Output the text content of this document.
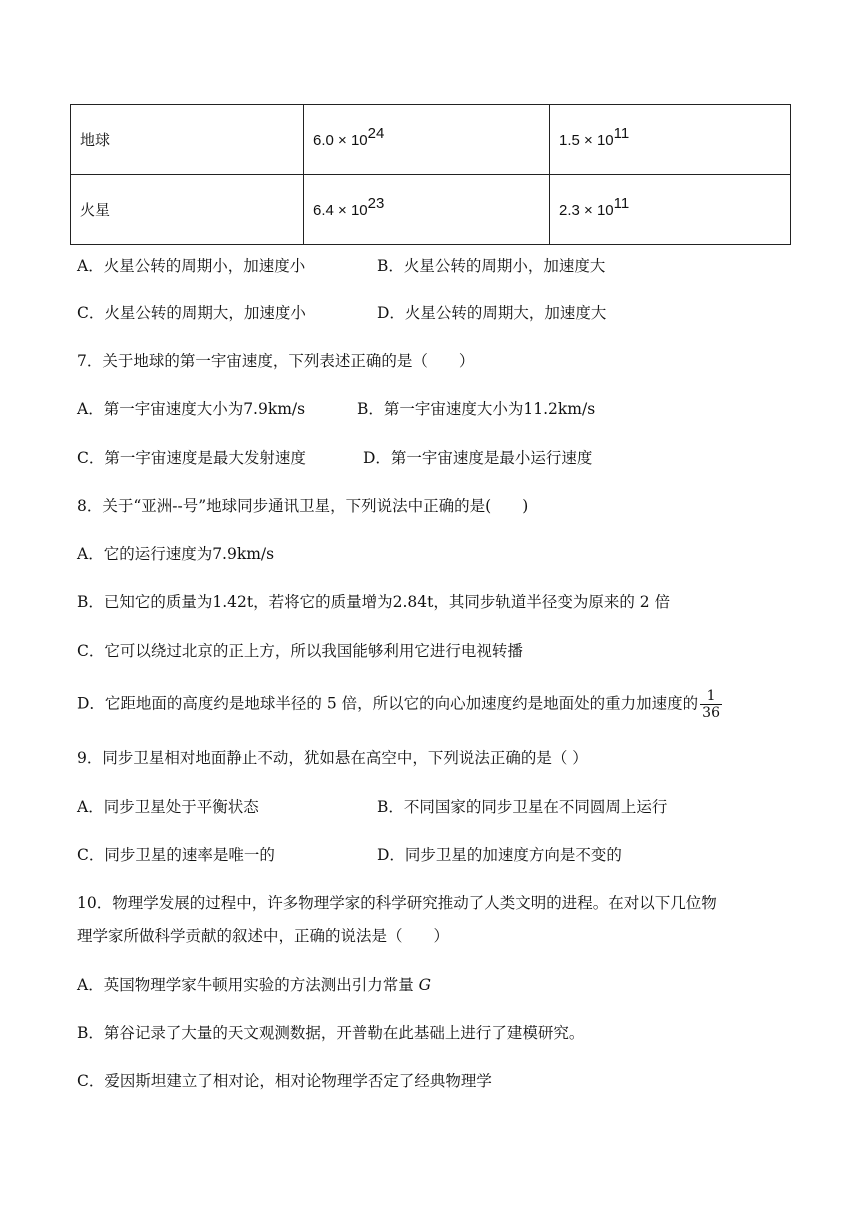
地球	$6.0 \times 10^{24}$	$1.5 \times 10^{11}$
火星	$6.4 \times 10^{23}$	$2.3 \times 10^{11}$
A．火星公转的周期小，加速度小	B．火星公转的周期小，加速度大
C．火星公转的周期大，加速度小	D．火星公转的周期大，加速度大
7．关于地球的第一宇宙速度，下列表述正确的是（　　）
A．第一宇宙速度大小为7.9km/s	B．第一宇宙速度大小为11.2km/s
C．第一宇宙速度是最大发射速度	D．第一宇宙速度是最小运行速度
8．关于“亚洲--号”地球同步通讯卫星，下列说法中正确的是(　　)
A．它的运行速度为7.9km/s
B．已知它的质量为1.42t，若将它的质量增为2.84t，其同步轨道半径变为原来的 2 倍
C．它可以绕过北京的正上方，所以我国能够利用它进行电视转播
D．它距地面的高度约是地球半径的 5 倍，所以它的向心加速度约是地面处的重力加速度的 $\frac{1}{36}$
9．同步卫星相对地面静止不动，犹如悬在高空中，下列说法正确的是（ ）
A．同步卫星处于平衡状态	B．不同国家的同步卫星在不同圆周上运行
C．同步卫星的速率是唯一的	D．同步卫星的加速度方向是不变的
10．物理学发展的过程中，许多物理学家的科学研究推动了人类文明的进程。在对以下几位物
理学家所做科学贡献的叙述中，正确的说法是（　　）
A．英国物理学家牛顿用实验的方法测出引力常量 G
B．第谷记录了大量的天文观测数据，开普勒在此基础上进行了建模研究。
C．爱因斯坦建立了相对论，相对论物理学否定了经典物理学
